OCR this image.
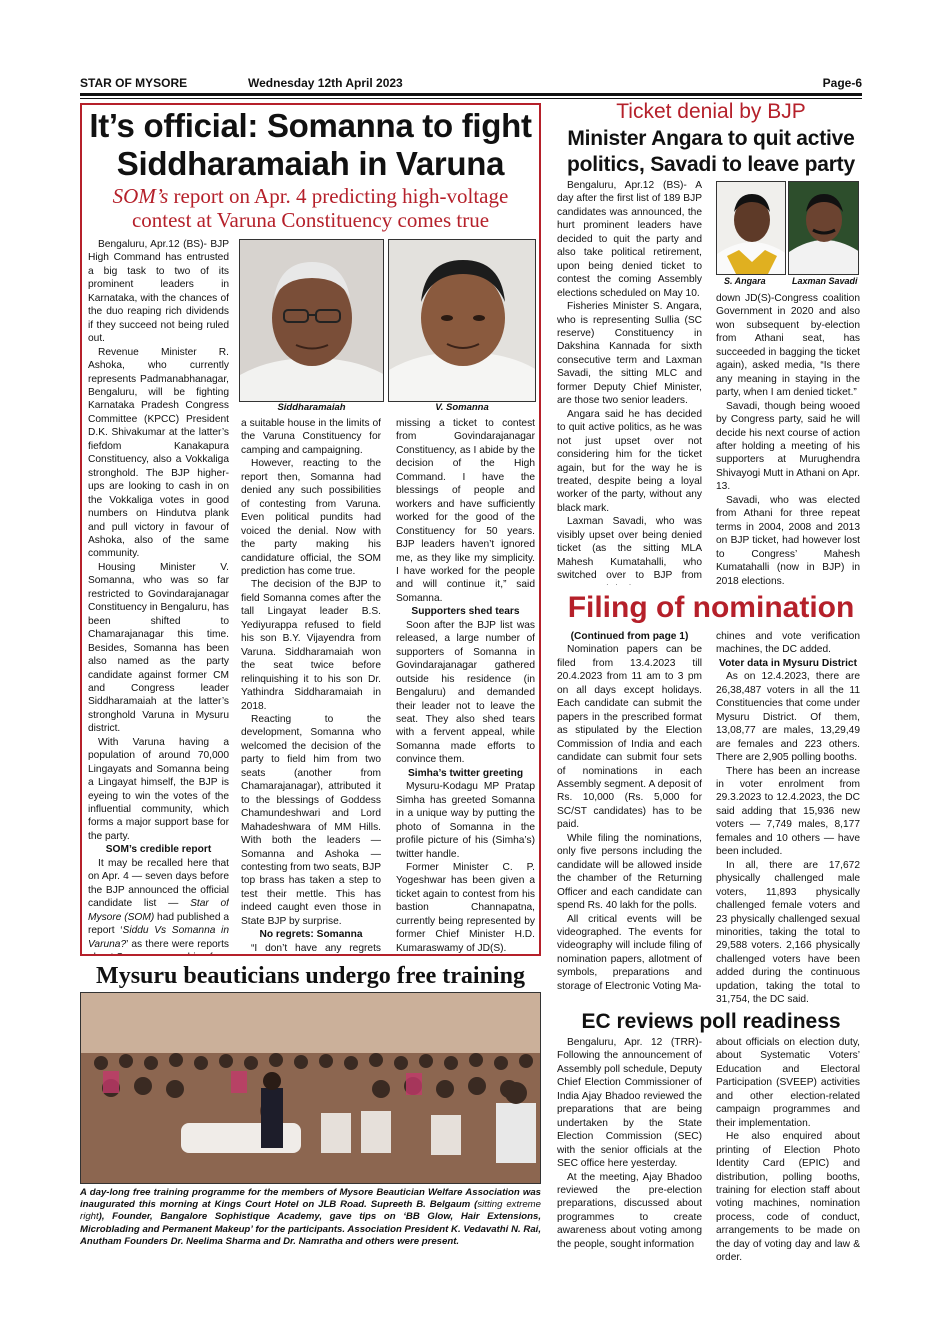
STAR OF MYSORE	Wednesday 12th April 2023	Page-6
It’s official: Somanna to fight Siddharamaiah in Varuna
SOM’s report on Apr. 4 predicting high-voltage contest at Varuna Constituency comes true

Bengaluru, Apr.12 (BS)- BJP High Command has entrusted a big task to two of its prominent leaders in Karnataka, with the chances of the duo reaping rich dividends if they succeed not being ruled out.

Revenue Minister R. Ashoka, who currently represents Padmanabhanagar, Bengaluru, will be fighting Karnataka Pradesh Congress Committee (KPCC) President D.K. Shivakumar at the latter’s fiefdom Kanakapura Constituency, also a Vokkaliga stronghold. The BJP higher-ups are looking to cash in on the Vokkaliga votes in good numbers on Hindutva plank and pull victory in favour of Ashoka, also of the same community.

Housing Minister V. Somanna, who was so far restricted to Govindarajanagar Constituency in Bengaluru, has been shifted to Chamarajanagar this time. Besides, Somanna has been also named as the party candidate against former CM and Congress leader Siddharamaiah at the latter’s stronghold Varuna in Mysuru district.

With Varuna having a population of around 70,000 Lingayats and Somanna being a Lingayat himself, the BJP is eyeing to win the votes of the influential community, which forms a major support base for the party.

SOM’s credible report

It may be recalled here that on Apr. 4 — seven days before the BJP announced the official candidate list — Star of Mysore (SOM) had published a report ‘Siddu Vs Somanna in Varuna?’ as there were reports

Siddharamaiah	V. Somanna

a suitable house in the limits of the Varuna Constituency for camping and campaigning.

However, reacting to the report then, Somanna had denied any such possibilities of contesting from Varuna. Even political pundits had voiced the denial. Now with the party making his candidature official, the SOM prediction has come true.

The decision of the BJP to field Somanna comes after the tall Lingayat leader B.S. Yediyurappa refused to field his son B.Y. Vijayendra from Varuna. Siddharamaiah won the seat twice before relinquishing it to his son Dr. Yathindra Siddharamaiah in 2018.

Reacting to the development, Somanna who welcomed the decision of the party to field him from two seats (another from Chamarajanagar), attributed it to the blessings of Goddess Chamundeshwari and Lord Mahadeshwara of MM Hills. With both the leaders — Somanna and Ashoka — contesting from two seats, BJP top brass has taken a step to test their mettle. This has indeed caught even those in State BJP by surprise.

No regrets: Somanna

“I don’t have any regrets

missing a ticket to contest from Govindarajanagar Constituency, as I abide by the decision of the High Command. I have the blessings of people and workers and have sufficiently worked for the good of the Constituency for 50 years. BJP leaders haven’t ignored me, as they like my simplicity. I have worked for the people and will continue it,” said Somanna.

Supporters shed tears

Soon after the BJP list was released, a large number of supporters of Somanna in Govindarajanagar gathered outside his residence (in Bengaluru) and demanded their leader not to leave the seat. They also shed tears with a fervent appeal, while Somanna made efforts to convince them.

Simha’s twitter greeting

Mysuru-Kodagu MP Pratap Simha has greeted Somanna in a unique way by putting the photo of Somanna in the profile picture of his (Simha’s) twitter handle.

Former Minister C. P. Yogeshwar has been given a ticket again to contest from his bastion Channapatna, currently being represented by former Chief Minister H.D. Kumaraswamy of JD(S).

Ticket denial by BJP
Minister Angara to quit active politics, Savadi to leave party

Bengaluru, Apr.12 (BS)- A day after the first list of 189 BJP candidates was announced, the hurt prominent leaders have decided to quit the party and also take political retirement, upon being denied ticket to contest the coming Assembly elections scheduled on May 10.

Fisheries Minister S. Angara, who is representing Sullia (SC reserve) Constituency in Dakshina Kannada for sixth consecutive term and Laxman Savadi, the sitting MLC and former Deputy Chief Minister, are those two senior leaders.

Angara said he has decided to quit active politics, as he was not just upset over not considering him for the ticket again, but for the way he is treated, despite being a loyal worker of the party, without any black mark.

Laxman Savadi, who was visibly upset over being denied ticket (as the sitting MLA Mahesh Kumatahalli, who switched over to BJP from

S. Angara	Laxman Savadi

down JD(S)-Congress coalition Government in 2020 and also won subsequent by-election from Athani seat, has succeeded in bagging the ticket again), asked media, “Is there any meaning in staying in the party, when I am denied ticket.”

Savadi, though being wooed by Congress party, said he will decide his next course of action after holding a meeting of his supporters at Murughendra Shivayogi Mutt in Athani on Apr. 13.

Savadi, who was elected from Athani for three repeat terms in 2004, 2008 and 2013 on BJP ticket, had however lost to Congress’ Mahesh Kumatahalli (now in BJP) in 2018 elections.

Filing of nomination

(Continued from page 1)

Nomination papers can be filed from 13.4.2023 till 20.4.2023 from 11 am to 3 pm on all days except holidays. Each candidate can submit the papers in the prescribed format as stipulated by the Election Commission of India and each candidate can submit four sets of nominations in each Assembly segment. A deposit of Rs. 10,000 (Rs. 5,000 for SC/ST candidates) has to be paid.

While filing the nominations, only five persons including the candidate will be allowed inside the chamber of the Returning Officer and each candidate can spend Rs. 40 lakh for the polls.

All critical events will be videographed. The events for videography will include filing of nomination papers, allotment of symbols, preparations and storage of Electronic Voting Ma-

chines and vote verification machines, the DC added.

Voter data in Mysuru District

As on 12.4.2023, there are 26,38,487 voters in all the 11 Constituencies that come under Mysuru District. Of them, 13,08,77 are males, 13,29,49 are females and 223 others. There are 2,905 polling booths.

There has been an increase in voter enrolment from 29.3.2023 to 12.4.2023, the DC said adding that 15,936 new voters — 7,749 males, 8,177 females and 10 others — have been included.

In all, there are 17,672 physically challenged male voters, 11,893 physically challenged female voters and 23 physically challenged sexual minorities, taking the total to 29,588 voters. 2,166 physically challenged voters have been added during the continuous updation, taking the total to 31,754, the DC said.

EC reviews poll readiness

Bengaluru, Apr. 12 (TRR)- Following the announcement of Assembly poll schedule, Deputy Chief Election Commissioner of India Ajay Bhadoo reviewed the preparations that are being undertaken by the State Election Commission (SEC) with the senior officials at the SEC office here yesterday.

At the meeting, Ajay Bhadoo reviewed the pre-election preparations, discussed about programmes to create awareness about voting among the people, sought information

about officials on election duty, about Systematic Voters’ Education and Electoral Participation (SVEEP) activities and other election-related campaign programmes and their implementation.

He also enquired about printing of Election Photo Identity Card (EPIC) and distribution, polling booths, training for election staff about voting machines, nomination process, code of conduct, arrangements to be made on the day of voting day and law & order.

Mysuru beauticians undergo free training
A day-long free training programme for the members of Mysore Beautician Welfare Association was inaugurated this morning at Kings Court Hotel on JLB Road. Supreeth B. Belgaum (sitting extreme right), Founder, Bangalore Sophistique Academy, gave tips on ‘BB Glow, Hair Extensions, Microblading and Permanent Makeup’ for the participants. Association President K. Vedavathi N. Rai, Anutham Founders Dr. Neelima Sharma and Dr. Namratha and others were present.
